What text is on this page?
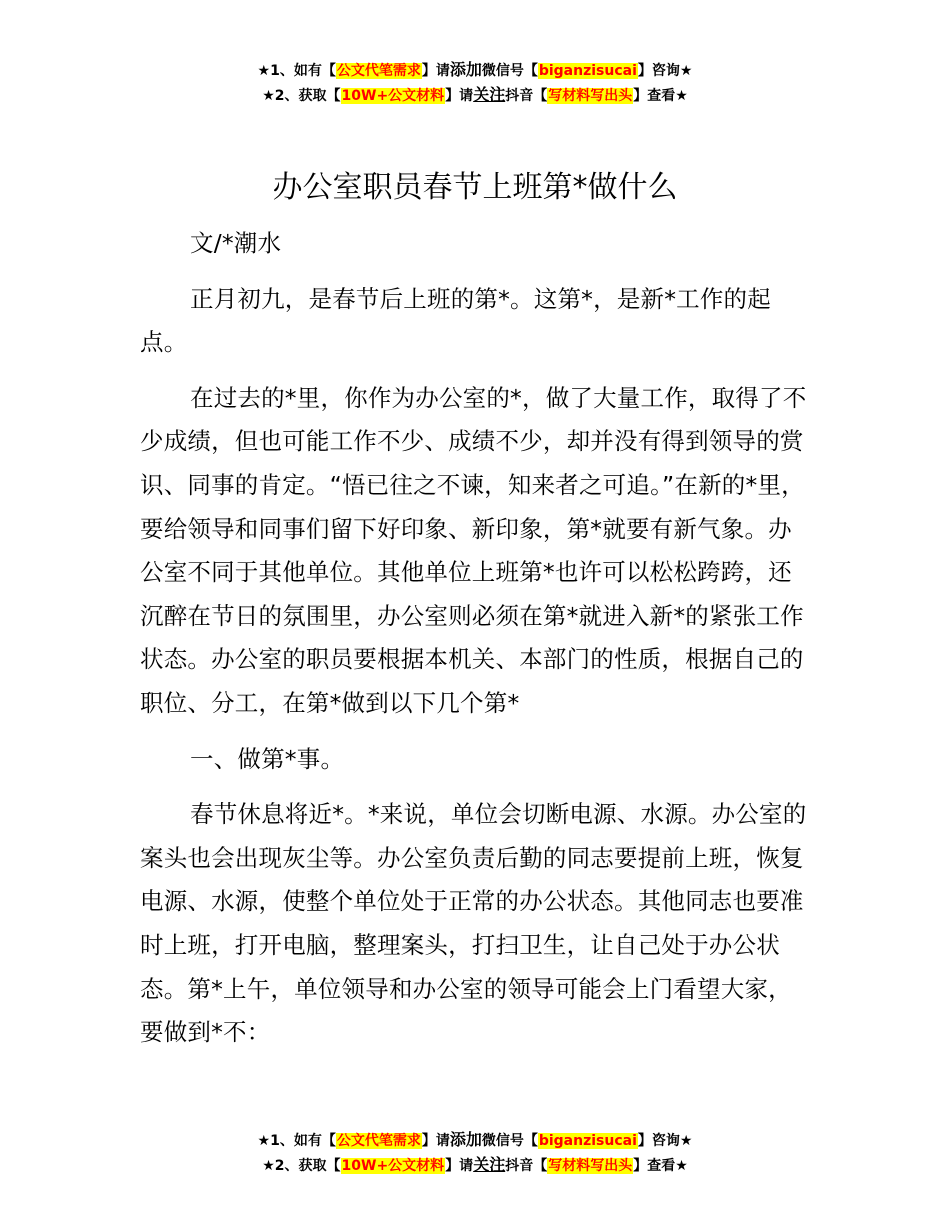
★1、如有【公文代笔需求】请添加微信号【biganzisucai】咨询★
★2、获取【10W+公文材料】请关注抖音【写材料写出头】查看★
办公室职员春节上班第*做什么

文/*潮水

正月初九，是春节后上班的第*。这第*，是新*工作的起点。

在过去的*里，你作为办公室的*，做了大量工作，取得了不少成绩，但也可能工作不少、成绩不少，却并没有得到领导的赏识、同事的肯定。“悟已往之不谏，知来者之可追。”在新的*里，要给领导和同事们留下好印象、新印象，第*就要有新气象。办公室不同于其他单位。其他单位上班第*也许可以松松跨跨，还沉醉在节日的氛围里，办公室则必须在第*就进入新*的紧张工作状态。办公室的职员要根据本机关、本部门的性质，根据自己的职位、分工，在第*做到以下几个第*

一、做第*事。

春节休息将近*。*来说，单位会切断电源、水源。办公室的案头也会出现灰尘等。办公室负责后勤的同志要提前上班，恢复电源、水源，使整个单位处于正常的办公状态。其他同志也要准时上班，打开电脑，整理案头，打扫卫生，让自己处于办公状态。第*上午，单位领导和办公室的领导可能会上门看望大家，要做到*不：

★1、如有【公文代笔需求】请添加微信号【biganzisucai】咨询★
★2、获取【10W+公文材料】请关注抖音【写材料写出头】查看★
